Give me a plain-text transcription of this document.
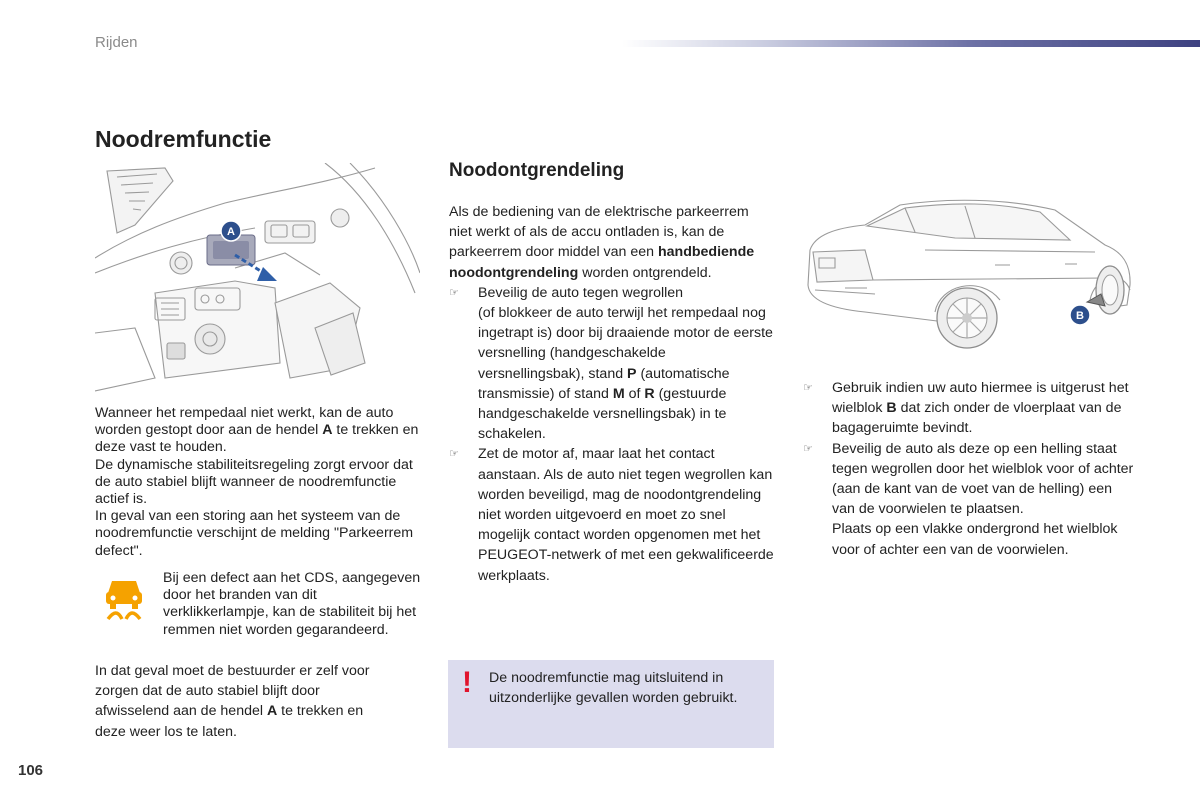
Rijden
Noodremfunctie
A

Wanneer het rempedaal niet werkt, kan de auto worden gestopt door aan de hendel A te trekken en deze vast te houden.

De dynamische stabiliteitsregeling zorgt ervoor dat de auto stabiel blijft wanneer de noodremfunctie actief is.

In geval van een storing aan het systeem van de noodremfunctie verschijnt de melding "Parkeerrem defect".

Bij een defect aan het CDS, aangegeven door het branden van dit verklikkerlampje, kan de stabiliteit bij het remmen niet worden gegarandeerd.
In dat geval moet de bestuurder er zelf voor zorgen dat de auto stabiel blijft door afwisselend aan de hendel A te trekken en deze weer los te laten.
Noodontgrendeling

Als de bediening van de elektrische parkeerrem niet werkt of als de accu ontladen is, kan de parkeerrem door middel van een handbediende noodontgrendeling worden ontgrendeld.

☞ Beveilig de auto tegen wegrollen

(of blokkeer de auto terwijl het rempedaal nog ingetrapt is) door bij draaiende motor de eerste versnelling (handgeschakelde versnellingsbak), stand P (automatische transmissie) of stand M of R (gestuurde handgeschakelde versnellingsbak) in te schakelen.

☞ Zet de motor af, maar laat het contact aanstaan. Als de auto niet tegen wegrollen kan worden beveiligd, mag de noodontgrendeling niet worden uitgevoerd en moet zo snel mogelijk contact worden opgenomen met het PEUGEOT-netwerk of met een gekwalificeerde werkplaats.

! De noodremfunctie mag uitsluitend in uitzonderlijke gevallen worden gebruikt.
B
☞ Gebruik indien uw auto hiermee is uitgerust het wielblok B dat zich onder de vloerplaat van de bagageruimte bevindt.

☞ Beveilig de auto als deze op een helling staat tegen wegrollen door het wielblok voor of achter (aan de kant van de voet van de helling) een van de voorwielen te plaatsen.

Plaats op een vlakke ondergrond het wielblok voor of achter een van de voorwielen.

106
